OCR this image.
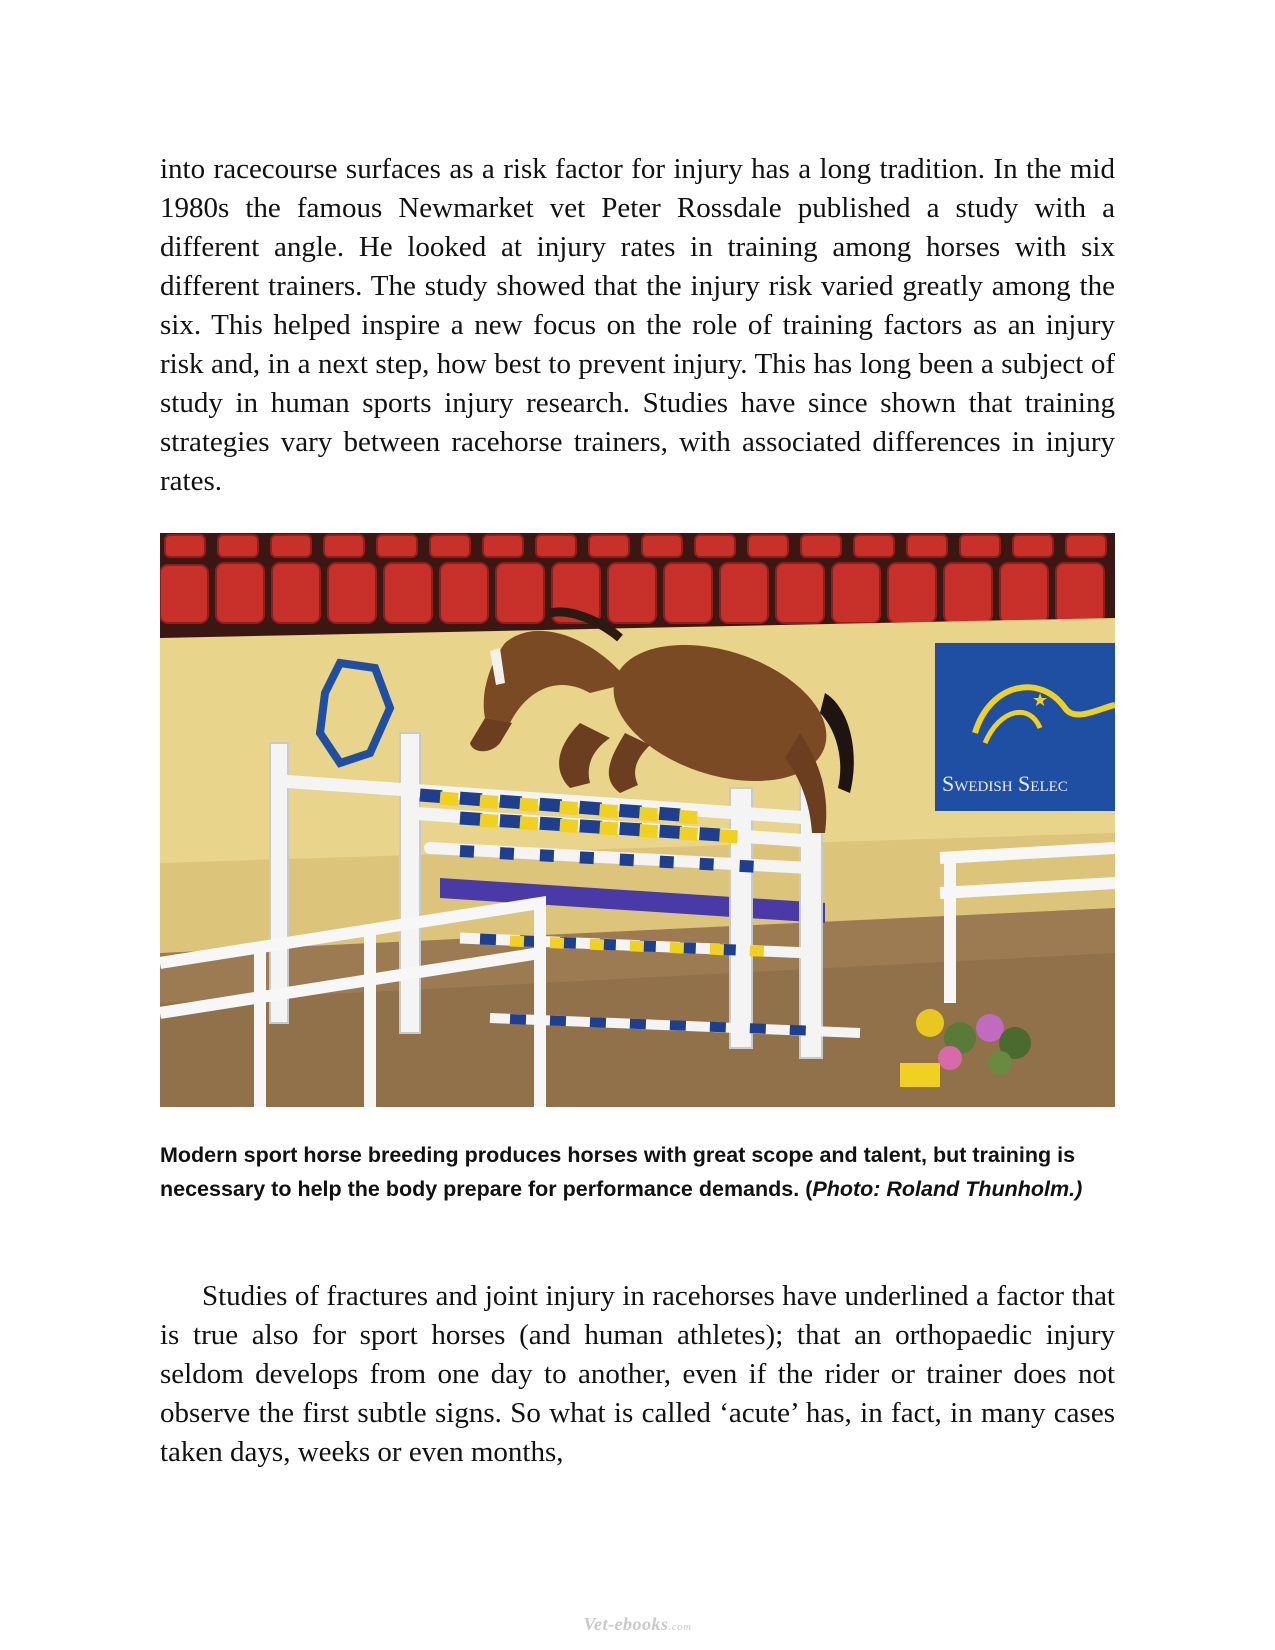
into racecourse surfaces as a risk factor for injury has a long tradition. In the mid 1980s the famous Newmarket vet Peter Rossdale published a study with a different angle. He looked at injury rates in training among horses with six different trainers. The study showed that the injury risk varied greatly among the six. This helped inspire a new focus on the role of training factors as an injury risk and, in a next step, how best to prevent injury. This has long been a subject of study in human sports injury research. Studies have since shown that training strategies vary between racehorse trainers, with associated differences in injury rates.

★
Swedish Selec

Modern sport horse breeding produces horses with great scope and talent, but training is necessary to help the body prepare for performance demands. (Photo: Roland Thunholm.)

Studies of fractures and joint injury in racehorses have underlined a factor that is true also for sport horses (and human athletes); that an orthopaedic injury seldom develops from one day to another, even if the rider or trainer does not observe the first subtle signs. So what is called ‘acute’ has, in fact, in many cases taken days, weeks or even months,

Vet-ebooks.com
